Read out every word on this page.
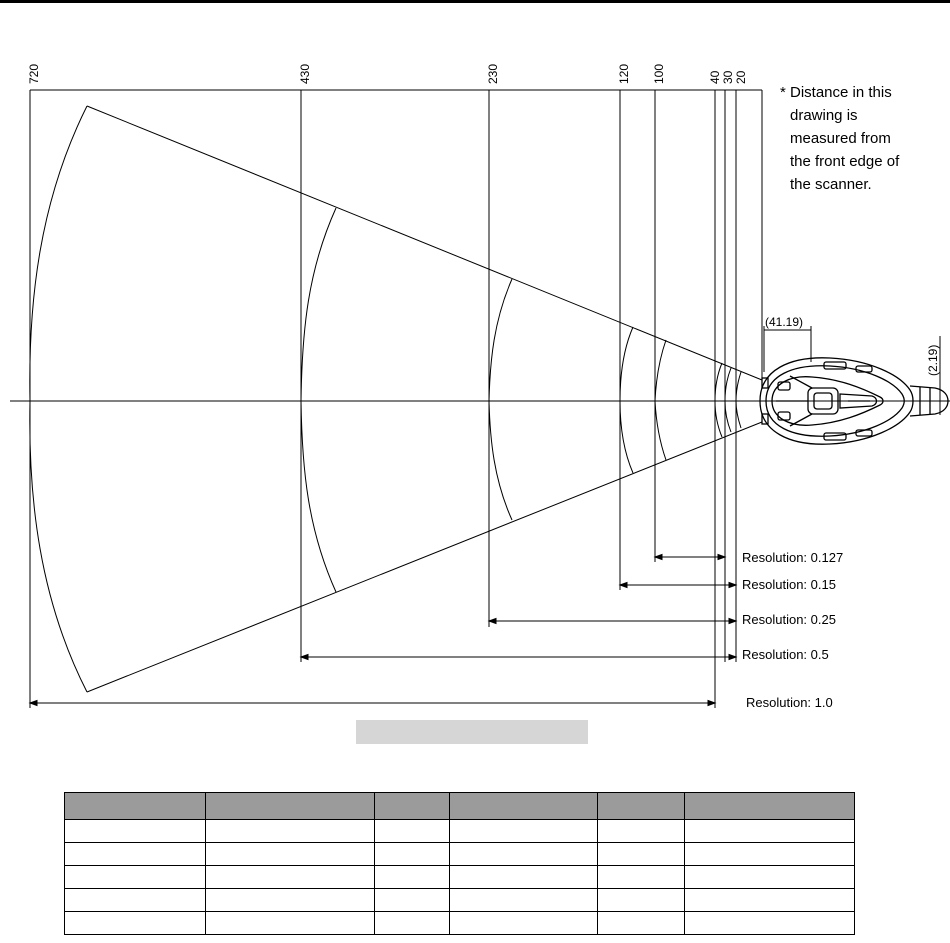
720	430	230	120 100	40 30 20
* Distance in this drawing is measured from the front edge of the scanner.
Resolution: 0.127
Resolution: 0.15
Resolution: 0.25
Resolution: 0.5
Resolution: 1.0
(41.19)
(2.19)
